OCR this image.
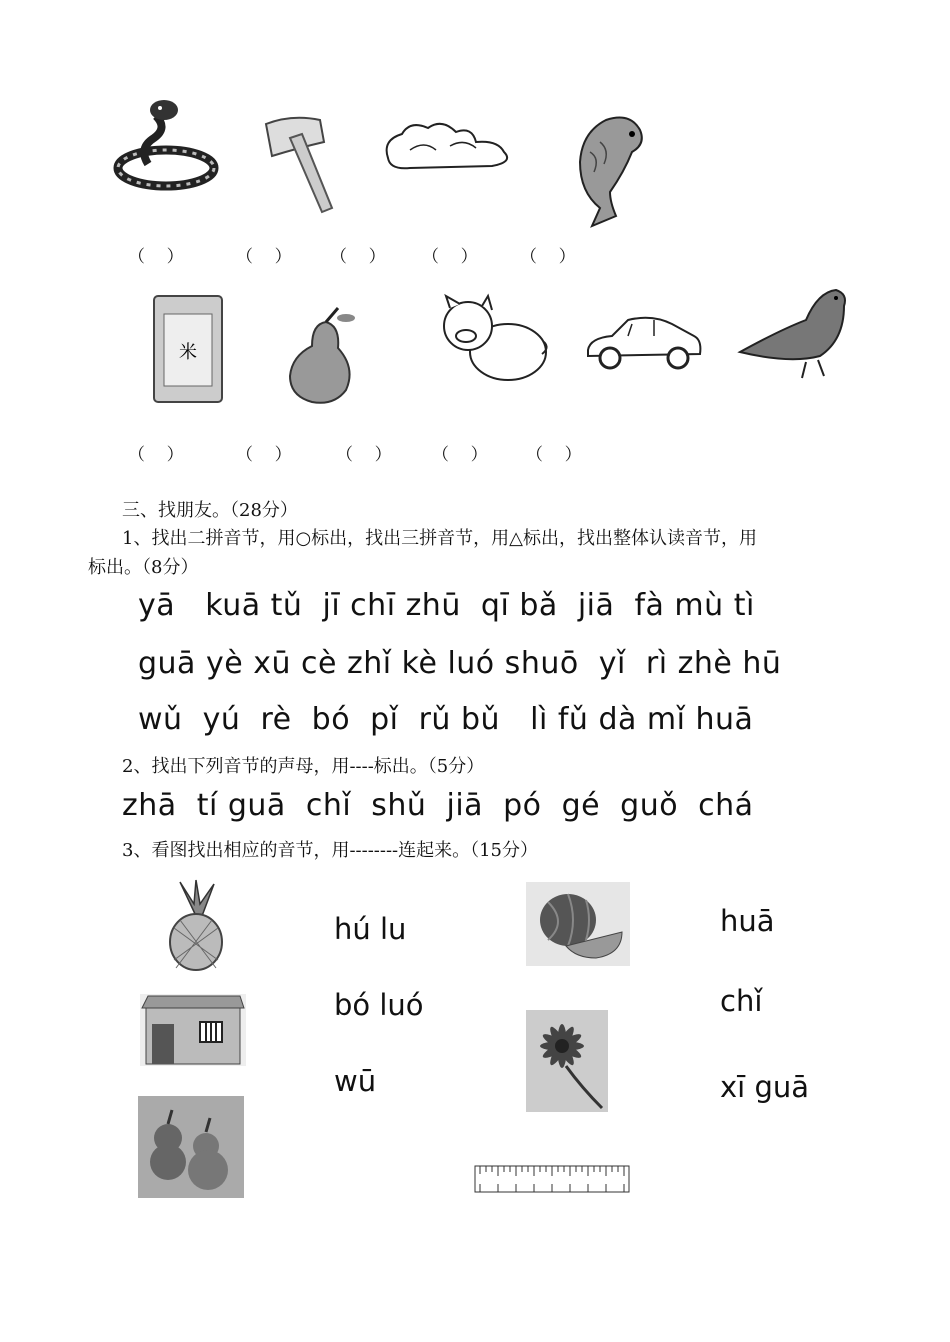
（    ）	（    ） （    ） （    ） （    ）
米
（    ）	（    ）	（    ） （    ） （    ）
三、找朋友。（28分）
1、找出二拼音节，用○标出，找出三拼音节，用△标出，找出整体认读音节，用
标出。（8分）
yā   kuā tǔ  jī chī zhū  qī bǎ  jiā  fà mù tì
guā yè xū cè zhǐ kè luó shuō  yǐ  rì zhè hū
wǔ  yú  rè  bó  pǐ  rǔ bǔ   lì fǔ dà mǐ huā
2、找出下列音节的声母，用----标出。（5分）
zhā  tí guā  chǐ  shǔ  jiā  pó  gé  guǒ  chá
3、看图找出相应的音节，用--------连起来。（15分）
hú lu
bó luó
wū
huā
chǐ
xī guā
